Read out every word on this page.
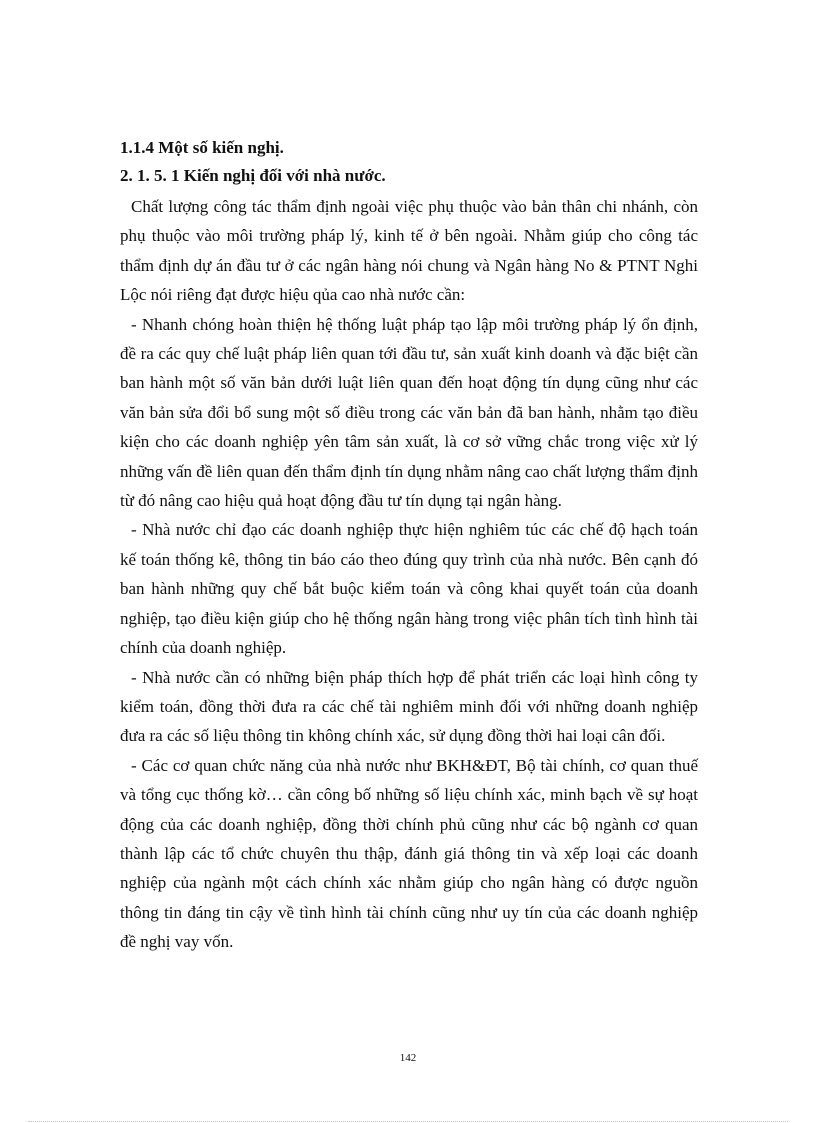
1.1.4 Một số kiến nghị.

2. 1. 5. 1 Kiến nghị đối với nhà nước.

Chất lượng công tác thẩm định ngoài việc phụ thuộc vào bản thân chi nhánh, còn phụ thuộc vào môi trường pháp lý, kinh tế ở bên ngoài. Nhằm giúp cho công tác thẩm định dự án đầu tư ở các ngân hàng nói chung và Ngân hàng No & PTNT Nghi Lộc nói riêng đạt được hiệu qủa cao nhà nước cần:

- Nhanh chóng hoàn thiện hệ thống luật pháp tạo lập môi trường pháp lý ổn định, đề ra các quy chế luật pháp liên quan tới đầu tư, sản xuất kinh doanh và đặc biệt cần ban hành một số văn bản dưới luật liên quan đến hoạt động tín dụng cũng như các văn bản sửa đổi bổ sung một số điều trong các văn bản đã ban hành, nhằm tạo điều kiện cho các doanh nghiệp yên tâm sản xuất, là cơ sở vững chắc trong việc xử lý những vấn đề liên quan đến thẩm định tín dụng nhằm nâng cao chất lượng thẩm định từ đó nâng cao hiệu quả hoạt động đầu tư tín dụng tại ngân hàng.

- Nhà nước chỉ đạo các doanh nghiệp thực hiện nghiêm túc các chế độ hạch toán kế toán thống kê, thông tin báo cáo theo đúng quy trình của nhà nước. Bên cạnh đó ban hành những quy chế bắt buộc kiểm toán và công khai quyết toán của doanh nghiệp, tạo điều kiện giúp cho hệ thống ngân hàng trong việc phân tích tình hình tài chính của doanh nghiệp.

- Nhà nước cần có những biện pháp thích hợp để phát triển các loại hình công ty kiểm toán, đồng thời đưa ra các chế tài nghiêm minh đối với những doanh nghiệp đưa ra các số liệu thông tin không chính xác, sử dụng đồng thời hai loại cân đối.

- Các cơ quan chức năng của nhà nước như BKH&ĐT, Bộ tài chính, cơ quan thuế và tổng cục thống kờ… cần công bố những số liệu chính xác, minh bạch về sự hoạt động của các doanh nghiệp, đồng thời chính phủ cũng như các bộ ngành cơ quan thành lập các tổ chức chuyên thu thập, đánh giá thông tin và xếp loại các doanh nghiệp của ngành một cách chính xác nhằm giúp cho ngân hàng có được nguồn thông tin đáng tin cậy về tình hình tài chính cũng như uy tín của các doanh nghiệp đề nghị vay vốn.

142
